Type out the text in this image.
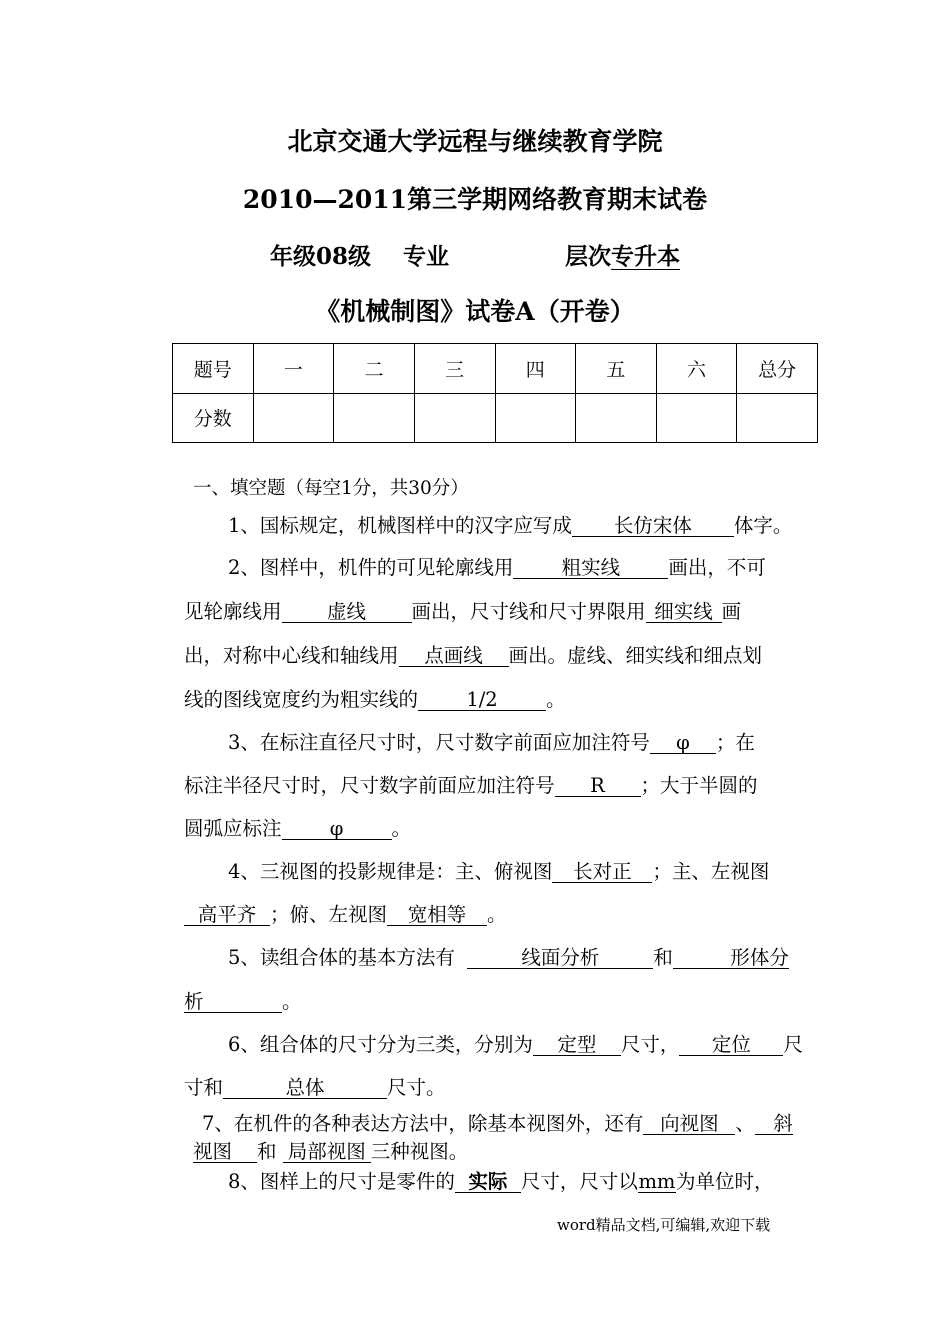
北京交通大学远程与继续教育学院
2010—2011第三学期网络教育期末试卷
年级08级 专业	层次专升本
《机械制图》试卷A（开卷）
题号	一	二	三	四	五	六	总分
分数							
一、填空题（每空1分，共30分）
1、国标规定，机械图样中的汉字应写成 长仿宋体 体字。
2、图样中，机件的可见轮廓线用 粗实线 画出，不可
见轮廓线用 虚线 画出，尺寸线和尺寸界限用 细实线 画
出，对称中心线和轴线用 点画线 画出。虚线、细实线和细点划
线的图线宽度约为粗实线的 1/2 。
3、在标注直径尺寸时，尺寸数字前面应加注符号 φ ；在
标注半径尺寸时，尺寸数字前面应加注符号 R ；大于半圆的
圆弧应标注 φ 。
4、三视图的投影规律是：主、俯视图 长对正 ；主、左视图
高平齐 ；俯、左视图 宽相等 。
5、读组合体的基本方法有	线面分析	和	形体分
析	。
6、组合体的尺寸分为三类，分别为 定型 尺寸， 定位 尺
寸和	总体	尺寸。
7、在机件的各种表达方法中，除基本视图外，还有 向视图 、 斜
视图 和 局部视图 三种视图。
8、图样上的尺寸是零件的 实际 尺寸，尺寸以mm为单位时，
word精品文档,可编辑,欢迎下载
